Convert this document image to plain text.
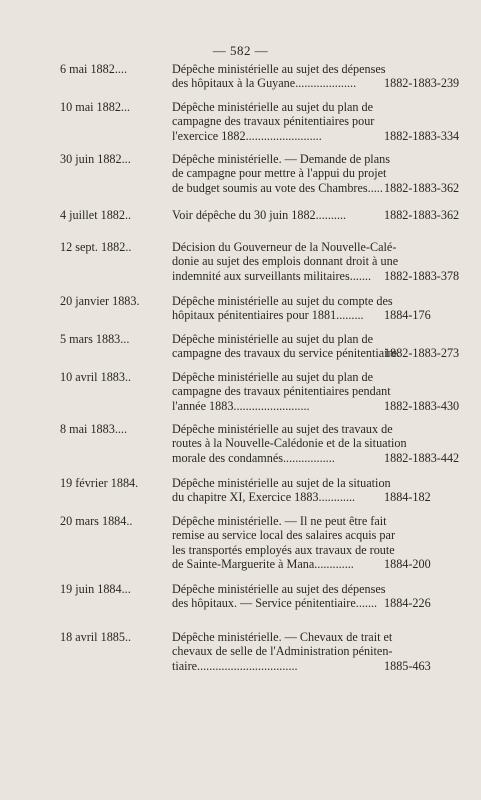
— 582 —
6 mai 1882....	Dépêche ministérielle au sujet des dépenses
des hôpitaux à la Guyane....................	1882-1883-239
10 mai 1882...	Dépêche ministérielle au sujet du plan de
campagne des travaux pénitentiaires pour
l'exercice 1882.........................	1882-1883-334
30 juin 1882...	Dépêche ministérielle. — Demande de plans
de campagne pour mettre à l'appui du projet
de budget soumis au vote des Chambres..... 1882-1883-362
4 juillet 1882..	Voir dépêche du 30 juin 1882..........	1882-1883-362
12 sept. 1882..	Décision du Gouverneur de la Nouvelle-Calé-
donie au sujet des emplois donnant droit à une
indemnité aux surveillants militaires.......	1882-1883-378
20 janvier 1883.	Dépêche ministérielle au sujet du compte des
hôpitaux pénitentiaires pour 1881.........	1884-176
5 mars 1883...	Dépêche ministérielle au sujet du plan de
campagne des travaux du service pénitentiaire.
1882-1883-273
10 avril 1883..	Dépêche ministérielle au sujet du plan de
campagne des travaux pénitentiaires pendant
l'année 1883.........................	1882-1883-430
8 mai 1883....	Dépêche ministérielle au sujet des travaux de
routes à la Nouvelle-Calédonie et de la situation
morale des condamnés.................	1882-1883-442
19 février 1884.	Dépêche ministérielle au sujet de la situation
du chapitre XI, Exercice 1883............	1884-182
20 mars 1884..	Dépêche ministérielle. — Il ne peut être fait
remise au service local des salaires acquis par
les transportés employés aux travaux de route
de Sainte-Marguerite à Mana.............	1884-200
19 juin 1884...	Dépêche ministérielle au sujet des dépenses
des hôpitaux. — Service pénitentiaire....... 1884-226
18 avril 1885..	Dépêche ministérielle. — Chevaux de trait et
chevaux de selle de l'Administration péniten-
tiaire.................................	1885-463
